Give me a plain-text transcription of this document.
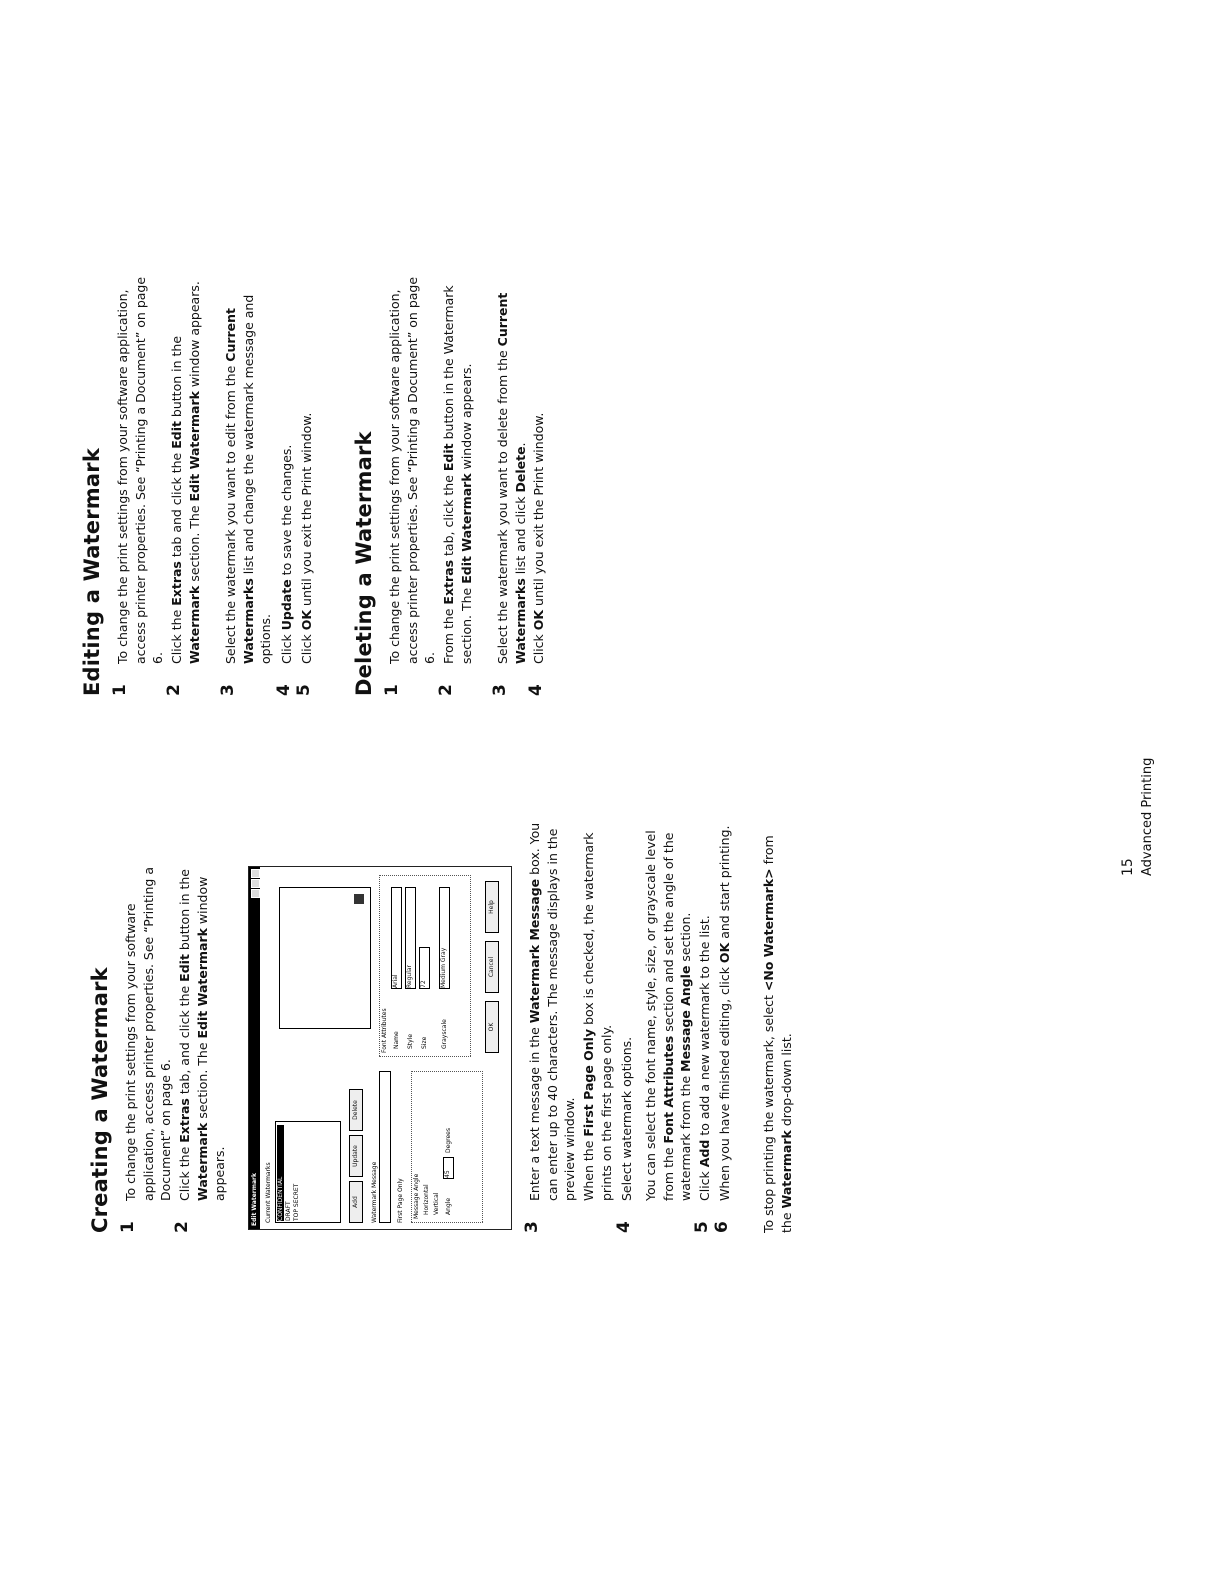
Creating a Watermark 1
To change the print settings from your software application, access printer properties. See “Printing a Document” on page 6.
2
Click the Extras tab, and click the Edit button in the Watermark section. The Edit Watermark window appears.
3
Enter a text message in the Watermark Message box. You can enter up to 40 characters. The message displays in the preview window. When the First Page Only box is checked, the watermark prints on the first page only.
4
Select watermark options. You can select the font name, style, size, or grayscale level from the Font Attributes section and set the angle of the watermark from the Message Angle section.
5
Click Add to add a new watermark to the list.
6
When you have finished editing, click OK and start printing.
To stop printing the watermark, select <No Watermark> from the Watermark drop-down list.
Edit Watermark	Current Watermarks CONFIDENTIAL DRAFT TOP SECRET	Add
Update
Delete
Watermark Message	First Page Only Message Angle Horizontal Vertical Angle
45
Degrees
Font Attributes Name
Arial
Style
Regular
Size
72
Grayscale
Medium Gray
OK
Cancel
Help
Editing a Watermark 1
To change the print settings from your software application, access printer properties. See “Printing a Document” on page 6.
2
Click the Extras tab and click the Edit button in the Watermark section. The Edit Watermark window appears.
3
Select the watermark you want to edit from the Current Watermarks list and change the watermark message and options.
4
Click Update to save the changes.
5
Click OK until you exit the Print window. Deleting a Watermark 1
To change the print settings from your software application, access printer properties. See “Printing a Document” on page 6.
2
From the Extras tab, click the Edit button in the Watermark section. The Edit Watermark window appears.
3
Select the watermark you want to delete from the Current Watermarks list and click Delete.
4
Click OK until you exit the Print window.
15 Advanced Printing
